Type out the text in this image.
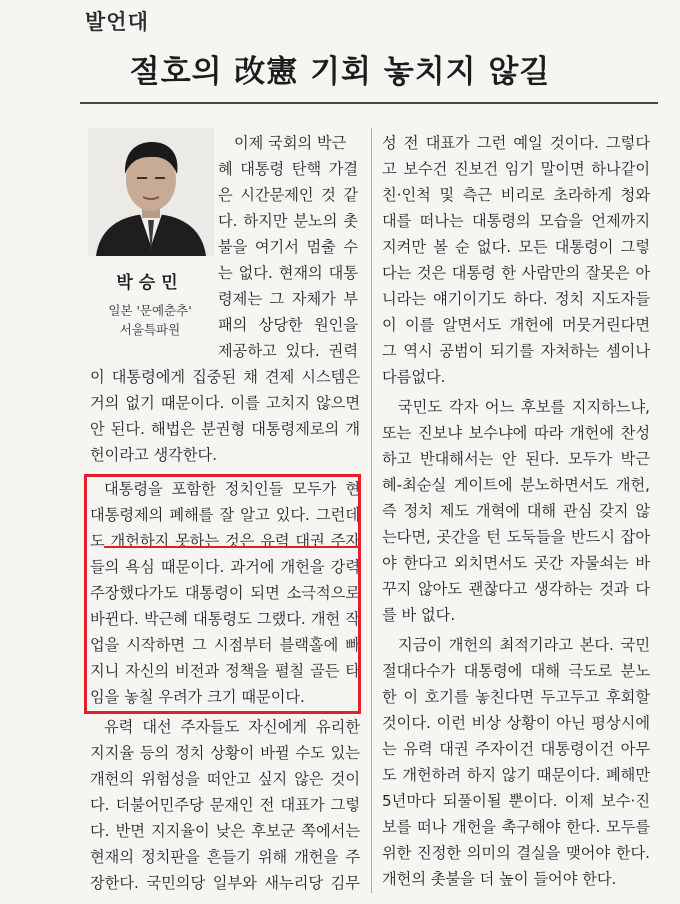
발언대
절호의 改憲 기회 놓치지 않길
박승민
일본 '문예춘추'
서울특파원
이제 국회의 박근
혜 대통령 탄핵 가결
은 시간문제인 것 같
다. 하지만 분노의 촛
불을 여기서 멈출 수
는 없다. 현재의 대통
령제는 그 자체가 부
패의 상당한 원인을
제공하고 있다. 권력
이 대통령에게 집중된 채 견제 시스템은
거의 없기 때문이다. 이를 고치지 않으면
안 된다. 해법은 분권형 대통령제로의 개
헌이라고 생각한다.
대통령을 포함한 정치인들 모두가 현
대통령제의 폐해를 잘 알고 있다. 그런데
도 개헌하지 못하는 것은 유력 대권 주자
들의 욕심 때문이다. 과거에 개헌을 강력
주장했다가도 대통령이 되면 소극적으로
바뀐다. 박근혜 대통령도 그랬다. 개헌 작
업을 시작하면 그 시점부터 블랙홀에 빠
지니 자신의 비전과 정책을 펼칠 골든 타
임을 놓칠 우려가 크기 때문이다.
유력 대선 주자들도 자신에게 유리한
지지율 등의 정치 상황이 바뀔 수도 있는
개헌의 위험성을 떠안고 싶지 않은 것이
다. 더불어민주당 문재인 전 대표가 그렇
다. 반면 지지율이 낮은 후보군 쪽에서는
현재의 정치판을 흔들기 위해 개헌을 주
장한다. 국민의당 일부와 새누리당 김무
성 전 대표가 그런 예일 것이다. 그렇다
고 보수건 진보건 임기 말이면 하나같이
친·인척 및 측근 비리로 초라하게 청와
대를 떠나는 대통령의 모습을 언제까지
지켜만 볼 순 없다. 모든 대통령이 그렇
다는 것은 대통령 한 사람만의 잘못은 아
니라는 얘기이기도 하다. 정치 지도자들
이 이를 알면서도 개헌에 머뭇거린다면
그 역시 공범이 되기를 자처하는 셈이나
다름없다.
국민도 각자 어느 후보를 지지하느냐,
또는 진보냐 보수냐에 따라 개헌에 찬성
하고 반대해서는 안 된다. 모두가 박근
혜-최순실 게이트에 분노하면서도 개헌,
즉 정치 제도 개혁에 대해 관심 갖지 않
는다면, 곳간을 턴 도둑들을 반드시 잡아
야 한다고 외치면서도 곳간 자물쇠는 바
꾸지 않아도 괜찮다고 생각하는 것과 다
를 바 없다.
지금이 개헌의 최적기라고 본다. 국민
절대다수가 대통령에 대해 극도로 분노
한 이 호기를 놓친다면 두고두고 후회할
것이다. 이런 비상 상황이 아닌 평상시에
는 유력 대권 주자이건 대통령이건 아무
도 개헌하려 하지 않기 때문이다. 폐해만
5년마다 되풀이될 뿐이다. 이제 보수·진
보를 떠나 개헌을 촉구해야 한다. 모두를
위한 진정한 의미의 결실을 맺어야 한다.
개헌의 촛불을 더 높이 들어야 한다.
